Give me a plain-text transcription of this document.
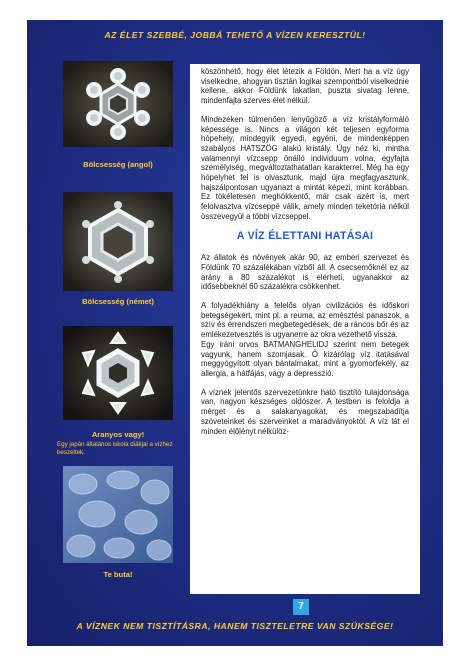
AZ ÉLET SZEBBÉ, JOBBÁ TEHETŐ A VÍZEN KERESZTÜL!
Bölcsesség (angol)
Bölcsesség (német)
Aranyos vagy!
Egy japán általános iskola diákjai a vízhez beszéltek.
Te buta!

köszönhető, hogy élet létezik a Földön. Mert ha a víz úgy viselkedne, ahogyan tisztán logikai szempontból viselkednie kellene, akkor Földünk lakatlan, puszta sivatag lenne, mindenfajta szerves élet nélkül.

Mindezeken túlmenően lenyűgöző a víz kristályformáló képessége is. Nincs a világon két teljesen egyforma hópehely, mindegyik egyedi, egyéni, de mindenképpen szabályos HATSZÖG alakú kristály. Úgy néz ki, mintha valamennyi vízcsepp önálló individuum volna, egyfajta személyiség, megváltoztathatatlan karakterrel. Még ha egy hópelyhet fel is olvasztunk, majd újra megfagyasztunk, hajszálpontosan ugyanazt a mintát képezi, mint korábban. Ez tökéletesen meghökkentő, már csak azért is, mert felolvasztva vízcseppé válik, amely minden teketória nélkül összevegyül a többi vízcseppel.

A VÍZ ÉLETTANI HATÁSAI

Az állatok és növények akár 90, az emberi szervezet és Földünk 70 százalékában vízből áll. A csecsemőknél ez az arány a 80 százalékot is elérheti, ugyanakkor az idősebbeknél 60 százalékra csökkenhet.

A folyadékhiány a felelős olyan civilizációs és időskori betegségekért, mint pl. a reuma, az emésztési panaszok, a szív és érrendszeri megbetegedések, de a ráncos bőr és az emlékezetvesztés is ugyanerre az okra vezethető vissza.

Egy iráni orvos BATMANGHELIDJ szerint nem betegek vagyunk, hanem szomjasak. Ő kizárólag víz itatásával meggyógyított olyan bántalmakat, mint a gyomorfekély, az allergia, a hátfájás, vagy a depresszió.

A víznek jelentős szervezetünkre ható tisztító tulajdonsága van, nagyon készséges oldószer. A testben is feloldja a mérget és a salakanyagokat, és megszabadítja szöveteinket és szerveinket a maradványoktól. A víz lát el minden élőlényt nélkülöz-

7
A VÍZNEK NEM TISZTÍTÁSRA, HANEM TISZTELETRE VAN SZÜKSÉGE!
